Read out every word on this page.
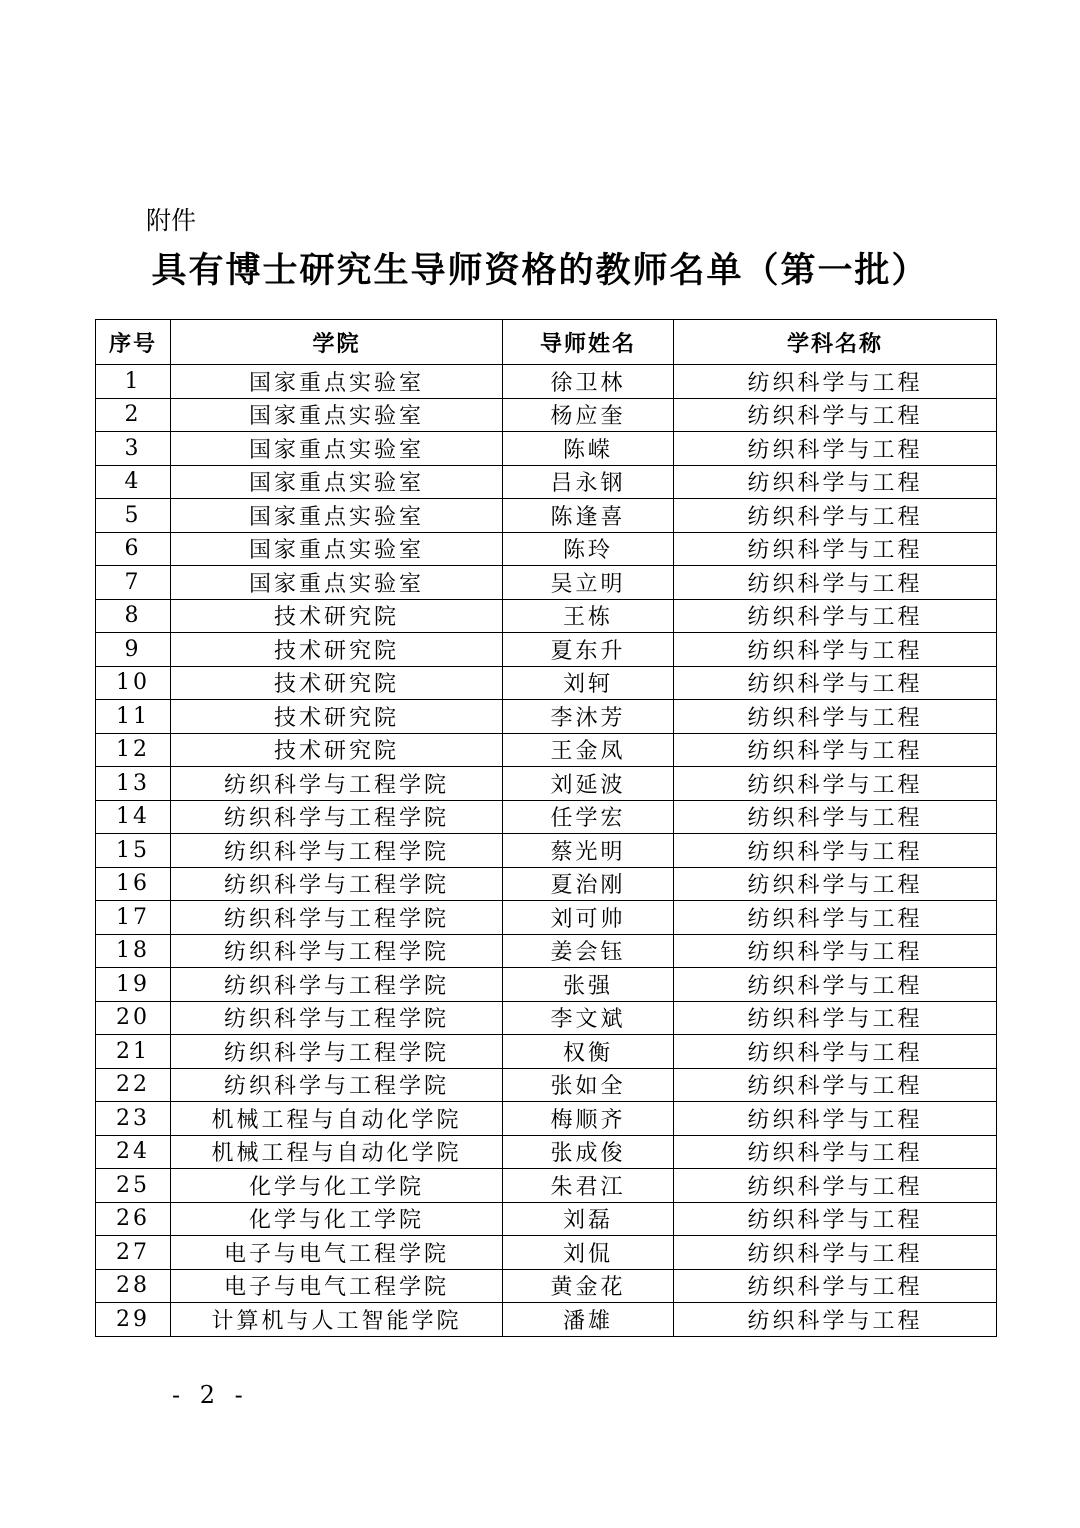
附件
具有博士研究生导师资格的教师名单（第一批）
序号	学院	导师姓名	学科名称
1	国家重点实验室	徐卫林	纺织科学与工程
2	国家重点实验室	杨应奎	纺织科学与工程
3	国家重点实验室	陈嵘	纺织科学与工程
4	国家重点实验室	吕永钢	纺织科学与工程
5	国家重点实验室	陈逢喜	纺织科学与工程
6	国家重点实验室	陈玲	纺织科学与工程
7	国家重点实验室	吴立明	纺织科学与工程
8	技术研究院	王栋	纺织科学与工程
9	技术研究院	夏东升	纺织科学与工程
10	技术研究院	刘轲	纺织科学与工程
11	技术研究院	李沐芳	纺织科学与工程
12	技术研究院	王金凤	纺织科学与工程
13	纺织科学与工程学院	刘延波	纺织科学与工程
14	纺织科学与工程学院	任学宏	纺织科学与工程
15	纺织科学与工程学院	蔡光明	纺织科学与工程
16	纺织科学与工程学院	夏治刚	纺织科学与工程
17	纺织科学与工程学院	刘可帅	纺织科学与工程
18	纺织科学与工程学院	姜会钰	纺织科学与工程
19	纺织科学与工程学院	张强	纺织科学与工程
20	纺织科学与工程学院	李文斌	纺织科学与工程
21	纺织科学与工程学院	权衡	纺织科学与工程
22	纺织科学与工程学院	张如全	纺织科学与工程
23	机械工程与自动化学院	梅顺齐	纺织科学与工程
24	机械工程与自动化学院	张成俊	纺织科学与工程
25	化学与化工学院	朱君江	纺织科学与工程
26	化学与化工学院	刘磊	纺织科学与工程
27	电子与电气工程学院	刘侃	纺织科学与工程
28	电子与电气工程学院	黄金花	纺织科学与工程
29	计算机与人工智能学院	潘雄	纺织科学与工程
- 2 -
